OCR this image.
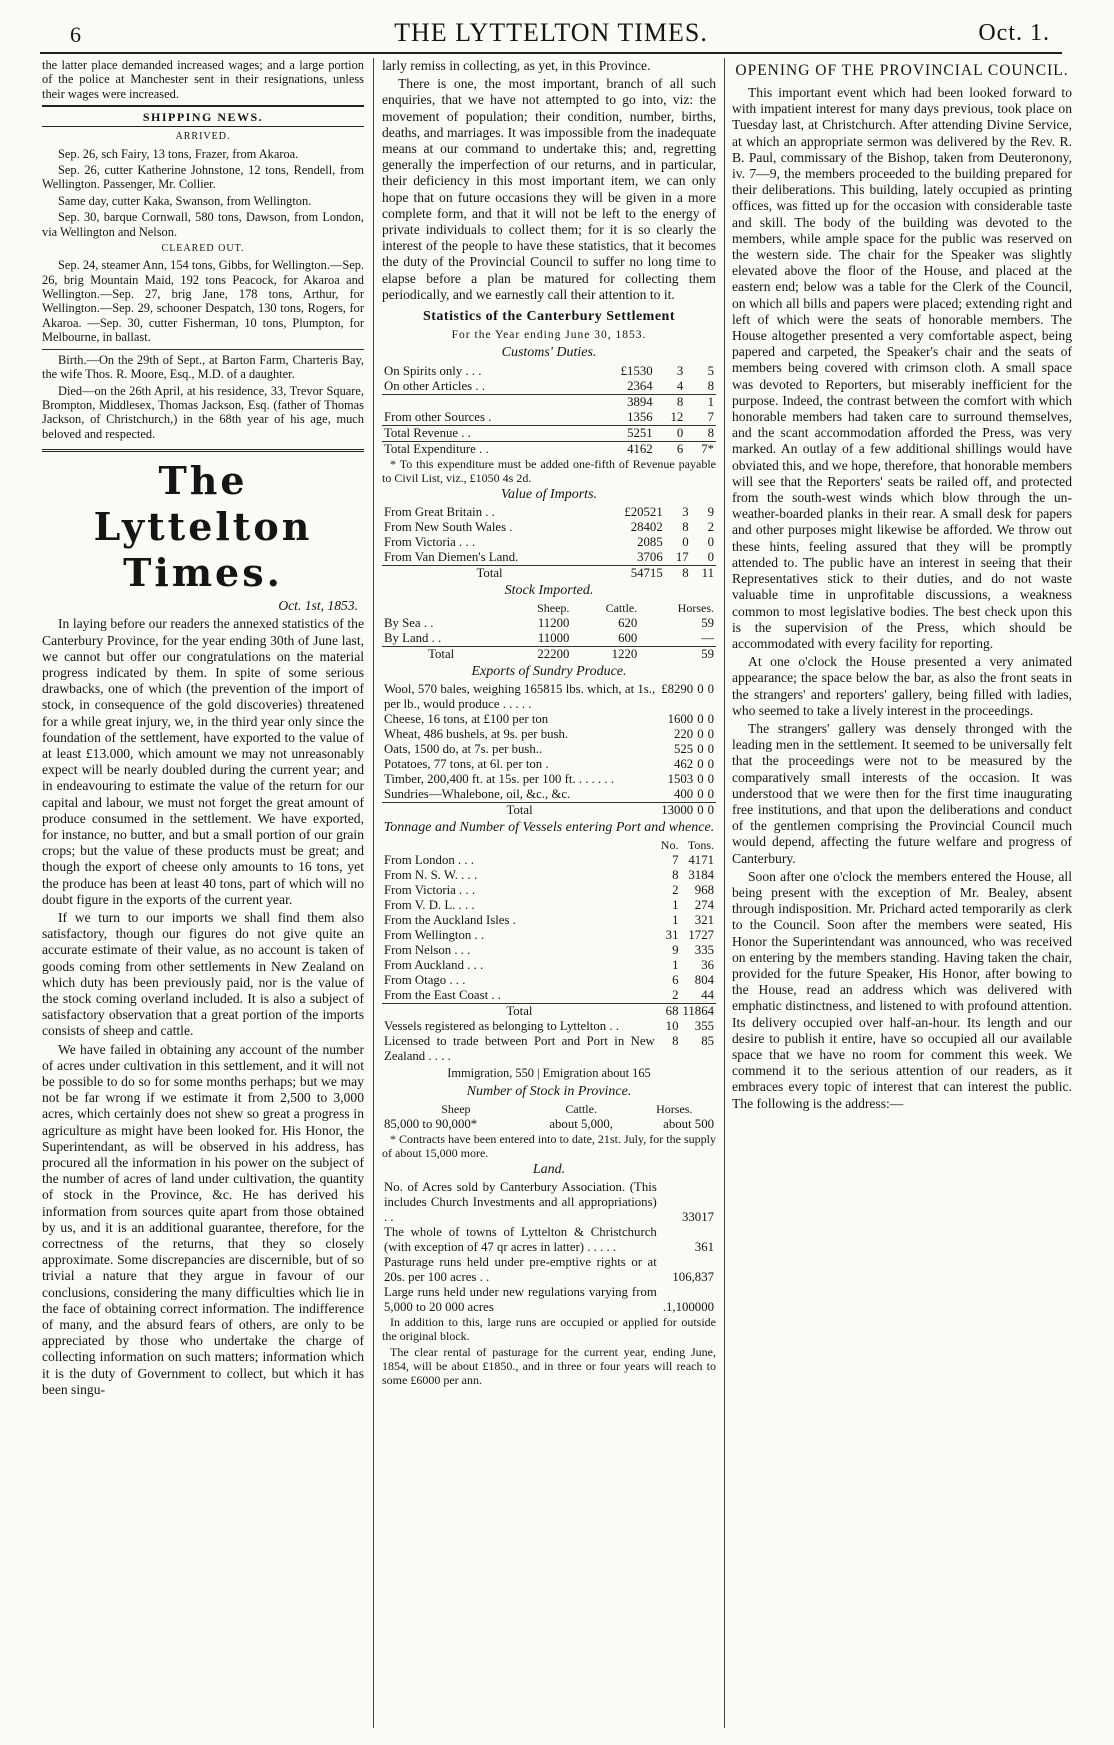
6	THE LYTTELTON TIMES.	Oct. 1.

the latter place demanded increased wages; and a large portion of the police at Manchester sent in their resignations, unless their wages were increased.

SHIPPING NEWS.
ARRIVED.

Sep. 26, sch Fairy, 13 tons, Frazer, from Akaroa.

Sep. 26, cutter Katherine Johnstone, 12 tons, Rendell, from Wellington. Passenger, Mr. Collier.

Same day, cutter Kaka, Swanson, from Wellington.

Sep. 30, barque Cornwall, 580 tons, Dawson, from London, via Wellington and Nelson.

CLEARED OUT.

Sep. 24, steamer Ann, 154 tons, Gibbs, for Wellington.—Sep. 26, brig Mountain Maid, 192 tons Peacock, for Akaroa and Wellington.—Sep. 27, brig Jane, 178 tons, Arthur, for Wellington.—Sep. 29, schooner Despatch, 130 tons, Rogers, for Akaroa. —Sep. 30, cutter Fisherman, 10 tons, Plumpton, for Melbourne, in ballast.

Birth.—On the 29th of Sept., at Barton Farm, Charteris Bay, the wife Thos. R. Moore, Esq., M.D. of a daughter.

Died—on the 26th April, at his residence, 33, Trevor Square, Brompton, Middlesex, Thomas Jackson, Esq. (father of Thomas Jackson, of Christchurch,) in the 68th year of his age, much beloved and respected.

The Lyttelton Times.
Oct. 1st, 1853.

In laying before our readers the annexed statistics of the Canterbury Province, for the year ending 30th of June last, we cannot but offer our congratulations on the material progress indicated by them. In spite of some serious drawbacks, one of which (the prevention of the import of stock, in consequence of the gold discoveries) threatened for a while great injury, we, in the third year only since the foundation of the settlement, have exported to the value of at least £13.000, which amount we may not unreasonably expect will be nearly doubled during the current year; and in endeavouring to estimate the value of the return for our capital and labour, we must not forget the great amount of produce consumed in the settlement. We have exported, for instance, no butter, and but a small portion of our grain crops; but the value of these products must be great; and though the export of cheese only amounts to 16 tons, yet the produce has been at least 40 tons, part of which will no doubt figure in the exports of the current year.

If we turn to our imports we shall find them also satisfactory, though our figures do not give quite an accurate estimate of their value, as no account is taken of goods coming from other settlements in New Zealand on which duty has been previously paid, nor is the value of the stock coming overland included. It is also a subject of satisfactory observation that a great portion of the imports consists of sheep and cattle.

We have failed in obtaining any account of the number of acres under cultivation in this settlement, and it will not be possible to do so for some months perhaps; but we may not be far wrong if we estimate it from 2,500 to 3,000 acres, which certainly does not shew so great a progress in agriculture as might have been looked for. His Honor, the Superintendant, as will be observed in his address, has procured all the information in his power on the subject of the number of acres of land under cultivation, the quantity of stock in the Province, &c. He has derived his information from sources quite apart from those obtained by us, and it is an additional guarantee, therefore, for the correctness of the returns, that they so closely approximate. Some discrepancies are discernible, but of so trivial a nature that they argue in favour of our conclusions, considering the many difficulties which lie in the face of obtaining correct information. The indifference of many, and the absurd fears of others, are only to be appreciated by those who undertake the charge of collecting information on such matters; information which it is the duty of Government to collect, but which it has been singu-

larly remiss in collecting, as yet, in this Province.

There is one, the most important, branch of all such enquiries, that we have not attempted to go into, viz: the movement of population; their condition, number, births, deaths, and marriages. It was impossible from the inadequate means at our command to undertake this; and, regretting generally the imperfection of our returns, and in particular, their deficiency in this most important item, we can only hope that on future occasions they will be given in a more complete form, and that it will not be left to the energy of private individuals to collect them; for it is so clearly the interest of the people to have these statistics, that it becomes the duty of the Provincial Council to suffer no long time to elapse before a plan be matured for collecting them periodically, and we earnestly call their attention to it.

Statistics of the Canterbury Settlement
For the Year ending June 30, 1853.
Customs' Duties.
On Spirits only . . .	£1530	3	5
On other Articles . .	2364	4	8
	3894	8	1
From other Sources .	1356	12	7
Total Revenue . .	5251	0	8
Total Expenditure . .	4162	6	7*

* To this expenditure must be added one-fifth of Revenue payable to Civil List, viz., £1050 4s 2d.

Value of Imports.
From Great Britain . .	£20521	3	9
From New South Wales .	28402	8	2
From Victoria . . .	2085	0	0
From Van Diemen's Land.	3706	17	0
Total	54715	8	11
Stock Imported.
	Sheep.	Cattle.	Horses.
By Sea . .	11200	620	59
By Land . .	11000	600	—
Total	22200	1220	59
Exports of Sundry Produce.
Wool, 570 bales, weighing 165815 lbs. which, at 1s., per lb., would produce . . . . .	£8290	0	0
Cheese, 16 tons, at £100 per ton	1600	0	0
Wheat, 486 bushels, at 9s. per bush.	220	0	0
Oats, 1500 do, at 7s. per bush..	525	0	0
Potatoes, 77 tons, at 6l. per ton .	462	0	0
Timber, 200,400 ft. at 15s. per 100 ft. . . . . . .	1503	0	0
Sundries—Whalebone, oil, &c., &c.	400	0	0
Total	13000	0	0
Tonnage and Number of Vessels entering Port and whence.
	No.	Tons.
From London . . .	7	4171
From N. S. W. . . .	8	3184
From Victoria . . .	2	968
From V. D. L. . . .	1	274
From the Auckland Isles .	1	321
From Wellington . .	31	1727
From Nelson . . .	9	335
From Auckland . . .	1	36
From Otago . . .	6	804
From the East Coast . .	2	44
Total	68	11864
Vessels registered as belonging to Lyttelton . .	10	355
Licensed to trade between Port and Port in New Zealand . . . .	8	85
Immigration, 550 | Emigration about 165
Number of Stock in Province.
Sheep	Cattle.	Horses.
85,000 to 90,000*	about 5,000,	about 500

* Contracts have been entered into to date, 21st. July, for the supply of about 15,000 more.

Land.
No. of Acres sold by Canterbury Association. (This includes Church Investments and all appropriations) . .	33017
The whole of towns of Lyttelton & Christchurch (with exception of 47 qr acres in latter) . . . . .	361
Pasturage runs held under pre-emptive rights or at 20s. per 100 acres . .	106,837
Large runs held under new regulations varying from 5,000 to 20 000 acres	.1,100000

In addition to this, large runs are occupied or applied for outside the original block.

The clear rental of pasturage for the current year, ending June, 1854, will be about £1850., and in three or four years will reach to some £6000 per ann.

OPENING OF THE PROVINCIAL COUNCIL.

This important event which had been looked forward to with impatient interest for many days previous, took place on Tuesday last, at Christchurch. After attending Divine Service, at which an appropriate sermon was delivered by the Rev. R. B. Paul, commissary of the Bishop, taken from Deuteronony, iv. 7—9, the members proceeded to the building prepared for their deliberations. This building, lately occupied as printing offices, was fitted up for the occasion with considerable taste and skill. The body of the building was devoted to the members, while ample space for the public was reserved on the western side. The chair for the Speaker was slightly elevated above the floor of the House, and placed at the eastern end; below was a table for the Clerk of the Council, on which all bills and papers were placed; extending right and left of which were the seats of honorable members. The House altogether presented a very comfortable aspect, being papered and carpeted, the Speaker's chair and the seats of members being covered with crimson cloth. A small space was devoted to Reporters, but miserably inefficient for the purpose. Indeed, the contrast between the comfort with which honorable members had taken care to surround themselves, and the scant accommodation afforded the Press, was very marked. An outlay of a few additional shillings would have obviated this, and we hope, therefore, that honorable members will see that the Reporters' seats be railed off, and protected from the south-west winds which blow through the un-weather-boarded planks in their rear. A small desk for papers and other purposes might likewise be afforded. We throw out these hints, feeling assured that they will be promptly attended to. The public have an interest in seeing that their Representatives stick to their duties, and do not waste valuable time in unprofitable discussions, a weakness common to most legislative bodies. The best check upon this is the supervision of the Press, which should be accommodated with every facility for reporting.

At one o'clock the House presented a very animated appearance; the space below the bar, as also the front seats in the strangers' and reporters' gallery, being filled with ladies, who seemed to take a lively interest in the proceedings.

The strangers' gallery was densely thronged with the leading men in the settlement. It seemed to be universally felt that the proceedings were not to be measured by the comparatively small interests of the occasion. It was understood that we were then for the first time inaugurating free institutions, and that upon the deliberations and conduct of the gentlemen comprising the Provincial Council much would depend, affecting the future welfare and progress of Canterbury.

Soon after one o'clock the members entered the House, all being present with the exception of Mr. Bealey, absent through indisposition. Mr. Prichard acted temporarily as clerk to the Council. Soon after the members were seated, His Honor the Superintendant was announced, who was received on entering by the members standing. Having taken the chair, provided for the future Speaker, His Honor, after bowing to the House, read an address which was delivered with emphatic distinctness, and listened to with profound attention. Its delivery occupied over half-an-hour. Its length and our desire to publish it entire, have so occupied all our available space that we have no room for comment this week. We commend it to the serious attention of our readers, as it embraces every topic of interest that can interest the public. The following is the address:—
